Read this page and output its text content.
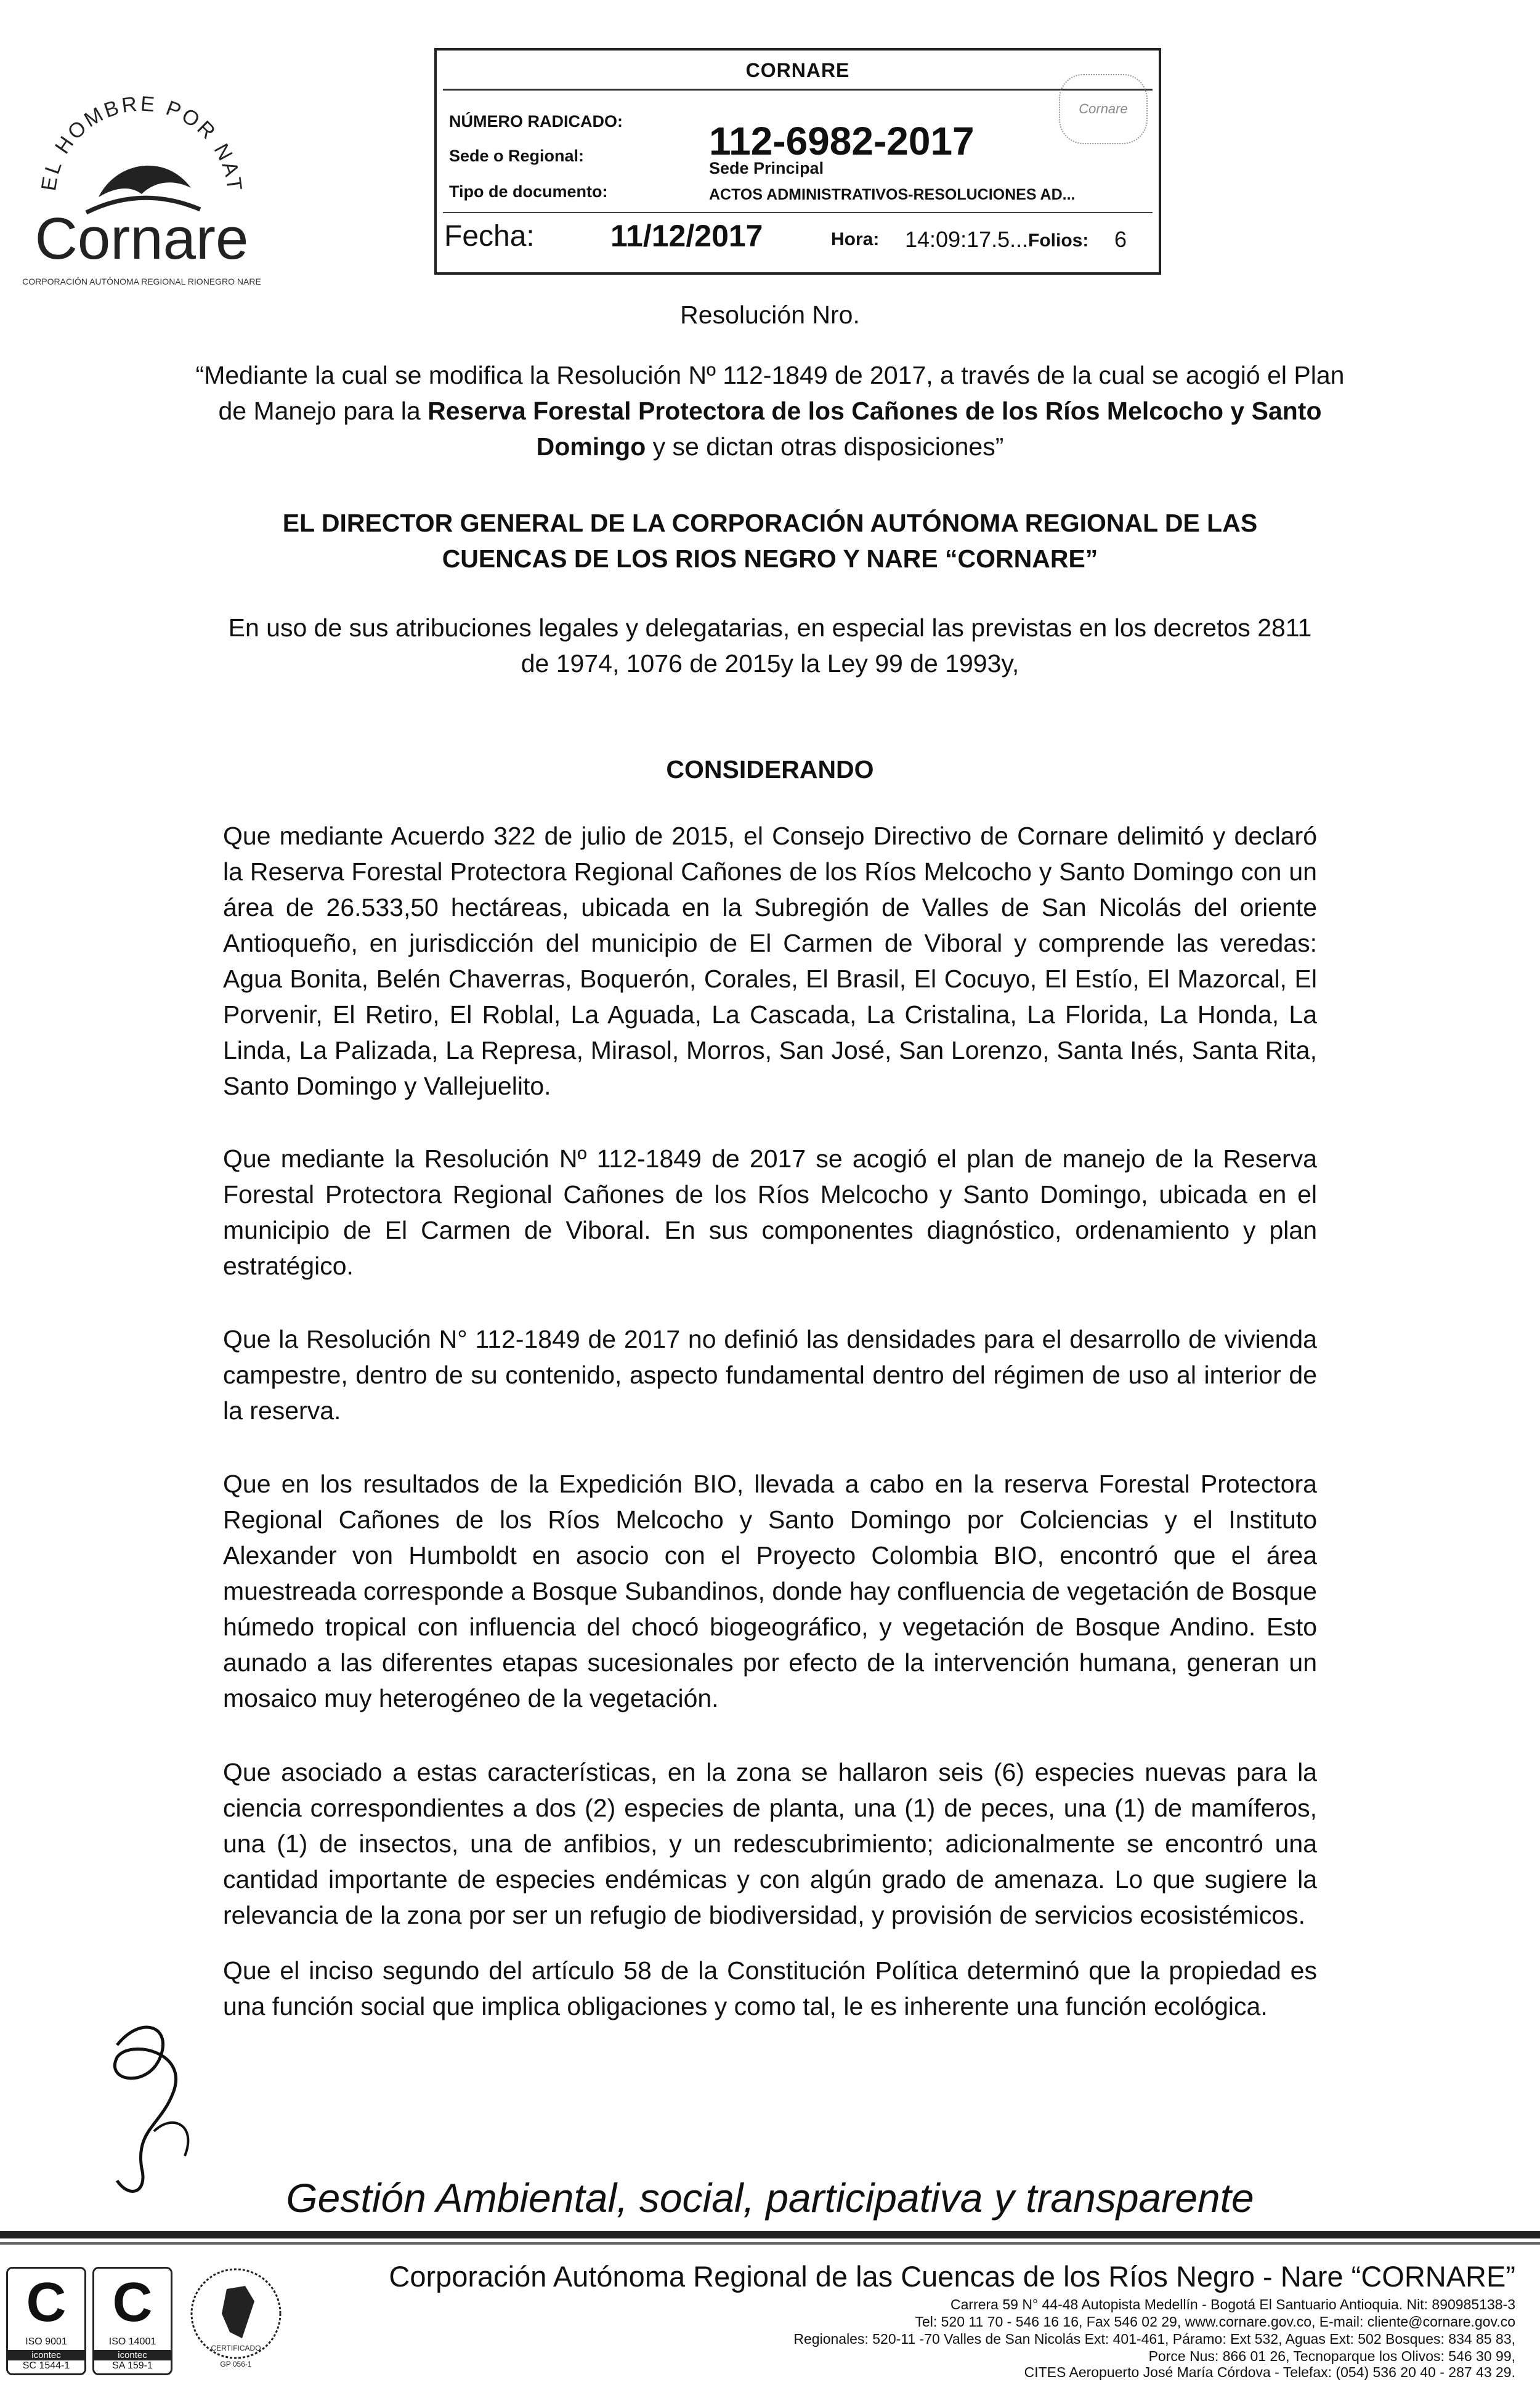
EL HOMBRE POR NAT
Cornare
CORPORACIÓN AUTÓNOMA REGIONAL RIONEGRO NARE
CORNARE
NÚMERO RADICADO: 112-6982-2017
Sede o Regional:
Sede Principal
Tipo de documento:	ACTOS ADMINISTRATIVOS-RESOLUCIONES AD...
Cornare
Fecha: 11/12/2017	Hora: 14:09:17.5... Folios: 6
Resolución Nro.
“Mediante la cual se modifica la Resolución Nº 112-1849 de 2017, a través de la cual se acogió el Plan de Manejo para la Reserva Forestal Protectora de los Cañones de los Ríos Melcocho y Santo Domingo y se dictan otras disposiciones”
EL DIRECTOR GENERAL DE LA CORPORACIÓN AUTÓNOMA REGIONAL DE LAS
CUENCAS DE LOS RIOS NEGRO Y NARE “CORNARE”
En uso de sus atribuciones legales y delegatarias, en especial las previstas en los decretos 2811
de 1974, 1076 de 2015y la Ley 99 de 1993y,
CONSIDERANDO
Que mediante Acuerdo 322 de julio de 2015, el Consejo Directivo de Cornare delimitó y declaró la Reserva Forestal Protectora Regional Cañones de los Ríos Melcocho y Santo Domingo con un área de 26.533,50 hectáreas, ubicada en la Subregión de Valles de San Nicolás del oriente Antioqueño, en jurisdicción del municipio de El Carmen de Viboral y comprende las veredas: Agua Bonita, Belén Chaverras, Boquerón, Corales, El Brasil, El Cocuyo, El Estío, El Mazorcal, El Porvenir, El Retiro, El Roblal, La Aguada, La Cascada, La Cristalina, La Florida, La Honda, La Linda, La Palizada, La Represa, Mirasol, Morros, San José, San Lorenzo, Santa Inés, Santa Rita, Santo Domingo y Vallejuelito.
Que mediante la Resolución Nº 112-1849 de 2017 se acogió el plan de manejo de la Reserva Forestal Protectora Regional Cañones de los Ríos Melcocho y Santo Domingo, ubicada en el municipio de El Carmen de Viboral. En sus componentes diagnóstico, ordenamiento y plan estratégico.
Que la Resolución N° 112-1849 de 2017 no definió las densidades para el desarrollo de vivienda campestre, dentro de su contenido, aspecto fundamental dentro del régimen de uso al interior de la reserva.
Que en los resultados de la Expedición BIO, llevada a cabo en la reserva Forestal Protectora Regional Cañones de los Ríos Melcocho y Santo Domingo por Colciencias y el Instituto Alexander von Humboldt en asocio con el Proyecto Colombia BIO, encontró que el área muestreada corresponde a Bosque Subandinos, donde hay confluencia de vegetación de Bosque húmedo tropical con influencia del chocó biogeográfico, y vegetación de Bosque Andino. Esto aunado a las diferentes etapas sucesionales por efecto de la intervención humana, generan un mosaico muy heterogéneo de la vegetación.
Que asociado a estas características, en la zona se hallaron seis (6) especies nuevas para la ciencia correspondientes a dos (2) especies de planta, una (1) de peces, una (1) de mamíferos, una (1) de insectos, una de anfibios, y un redescubrimiento; adicionalmente se encontró una cantidad importante de especies endémicas y con algún grado de amenaza. Lo que sugiere la relevancia de la zona por ser un refugio de biodiversidad, y provisión de servicios ecosistémicos.
Que el inciso segundo del artículo 58 de la Constitución Política determinó que la propiedad es una función social que implica obligaciones y como tal, le es inherente una función ecológica.
Gestión Ambiental, social, participativa y transparente
C
ISO 9001
icontec
SC 1544-1
C
ISO 14001
icontec
SA 159-1
CERTIFICADO
GP 056-1
Corporación Autónoma Regional de las Cuencas de los Ríos Negro - Nare “CORNARE”
Carrera 59 N° 44-48 Autopista Medellín - Bogotá El Santuario Antioquia. Nit: 890985138-3
Tel: 520 11 70 - 546 16 16, Fax 546 02 29, www.cornare.gov.co, E-mail: cliente@cornare.gov.co
Regionales: 520-11 -70 Valles de San Nicolás Ext: 401-461, Páramo: Ext 532, Aguas Ext: 502 Bosques: 834 85 83,
Porce Nus: 866 01 26, Tecnoparque los Olivos: 546 30 99,
CITES Aeropuerto José María Córdova - Telefax: (054) 536 20 40 - 287 43 29.
